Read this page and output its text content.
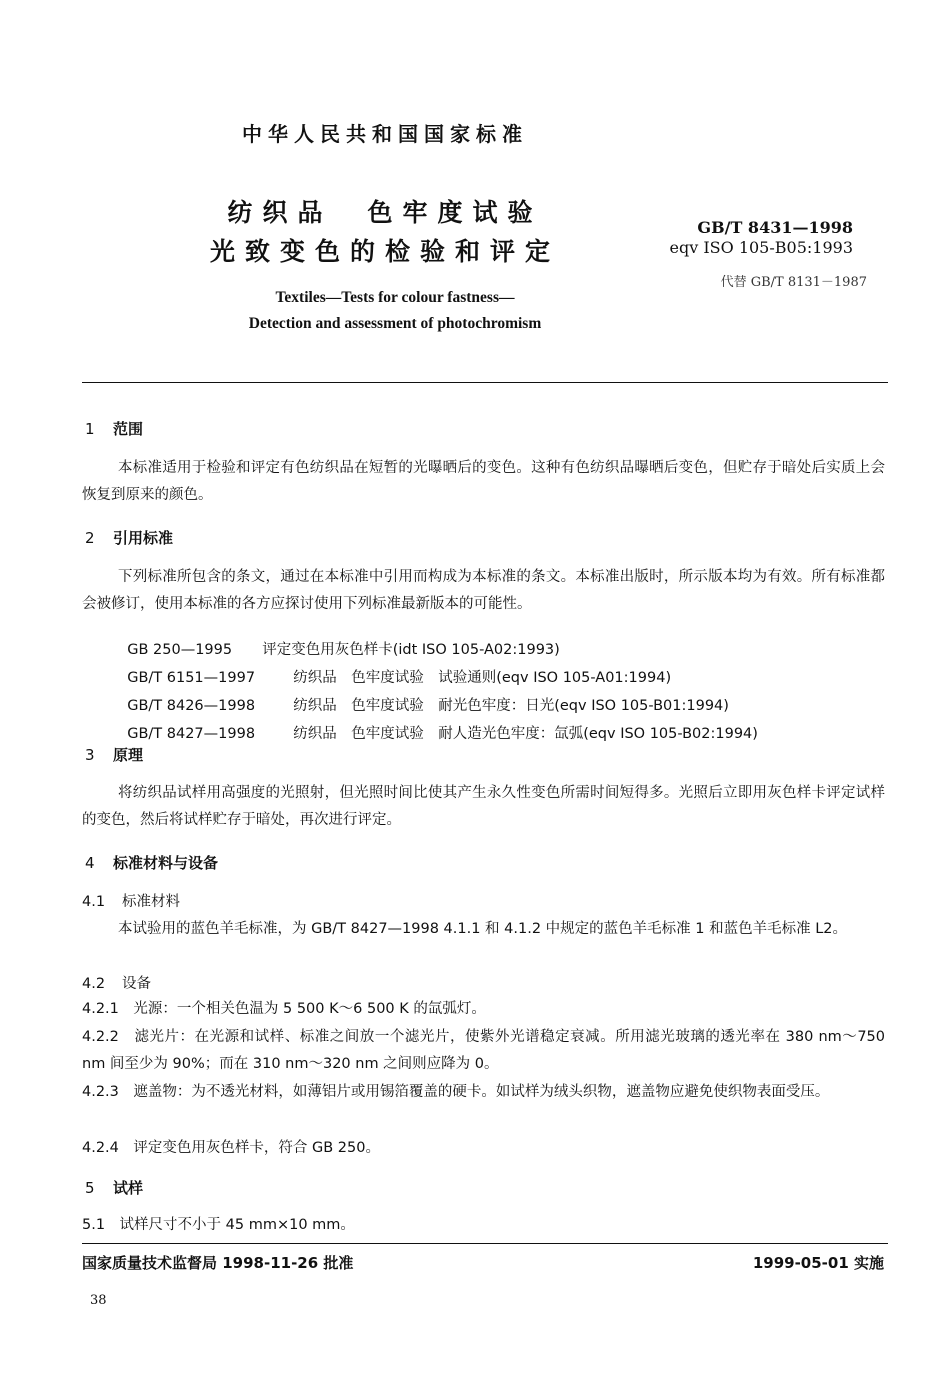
中华人民共和国国家标准
纺织品　色牢度试验
光致变色的检验和评定
GB/T 8431—1998
eqv ISO 105-B05:1993
代替 GB/T 8131－1987
Textiles—Tests for colour fastness—
Detection and assessment of photochromism
1 范围
本标准适用于检验和评定有色纺织品在短暂的光曝晒后的变色。这种有色纺织品曝晒后变色，但贮存于暗处后实质上会恢复到原来的颜色。
2 引用标准
下列标准所包含的条文，通过在本标准中引用而构成为本标准的条文。本标准出版时，所示版本均为有效。所有标准都会被修订，使用本标准的各方应探讨使用下列标准最新版本的可能性。

GB 250—1995 评定变色用灰色样卡(idt ISO 105-A02:1993)

GB/T 6151—1997	纺织品　色牢度试验　试验通则(eqv ISO 105-A01:1994)

GB/T 8426—1998	纺织品　色牢度试验　耐光色牢度：日光(eqv ISO 105-B01:1994)

GB/T 8427—1998	纺织品　色牢度试验　耐人造光色牢度：氙弧(eqv ISO 105-B02:1994)

3 原理
将纺织品试样用高强度的光照射，但光照时间比使其产生永久性变色所需时间短得多。光照后立即用灰色样卡评定试样的变色，然后将试样贮存于暗处，再次进行评定。
4 标准材料与设备
4.1 标准材料
本试验用的蓝色羊毛标准，为 GB/T 8427—1998 4.1.1 和 4.1.2 中规定的蓝色羊毛标准 1 和蓝色羊毛标准 L2。
4.2 设备
4.2.1　光源：一个相关色温为 5 500 K～6 500 K 的氙弧灯。
4.2.2　滤光片：在光源和试样、标准之间放一个滤光片，使紫外光谱稳定衰减。所用滤光玻璃的透光率在 380 nm～750 nm 间至少为 90%；而在 310 nm～320 nm 之间则应降为 0。
4.2.3　遮盖物：为不透光材料，如薄铝片或用锡箔覆盖的硬卡。如试样为绒头织物，遮盖物应避免使织物表面受压。
4.2.4　评定变色用灰色样卡，符合 GB 250。
5 试样
5.1　试样尺寸不小于 45 mm×10 mm。
国家质量技术监督局 1998-11-26 批准	1999-05-01 实施
38
